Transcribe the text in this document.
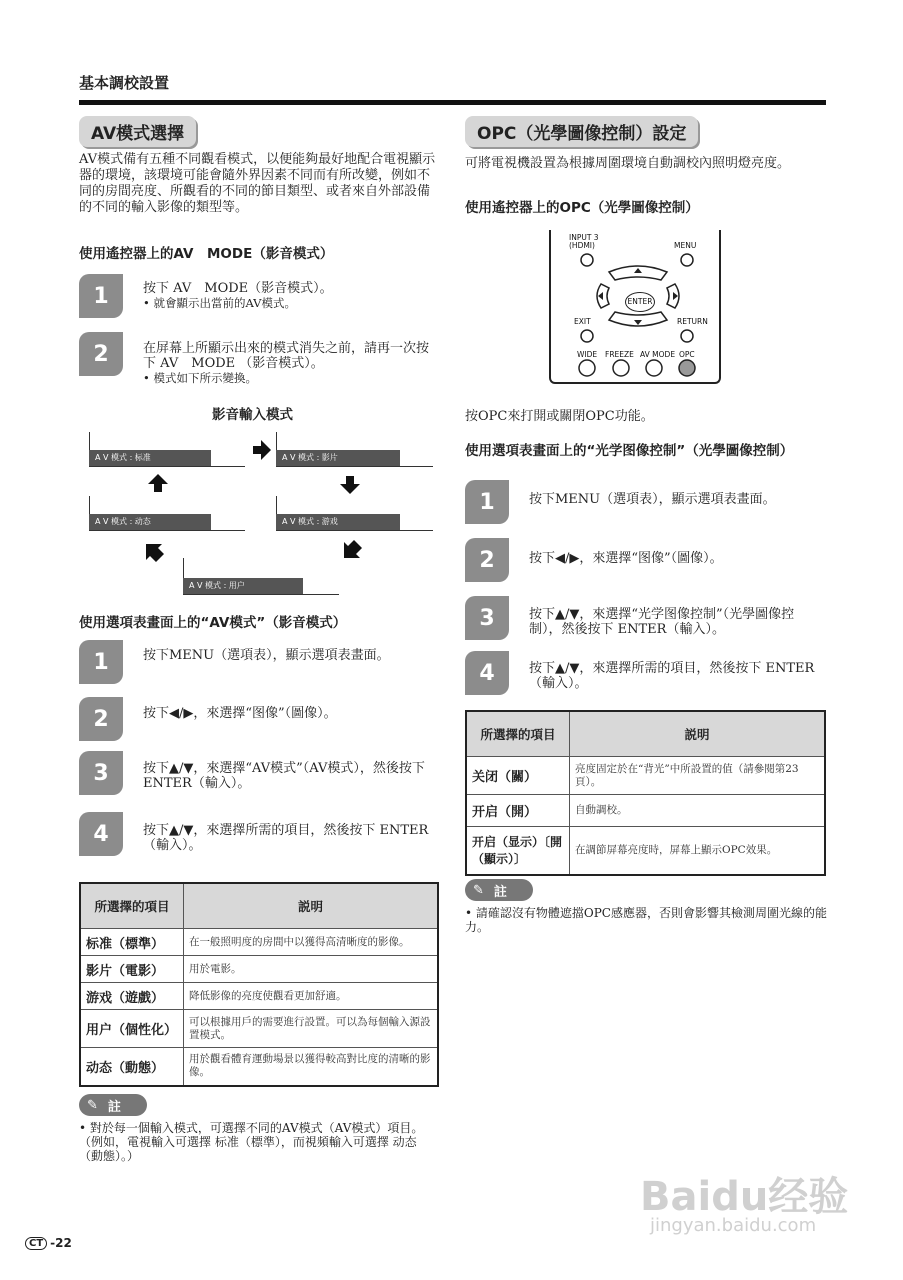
基本調校設置
AV模式選擇
AV模式備有五種不同觀看模式，以便能夠最好地配合電視顯示器的環境，該環境可能會隨外界因素不同而有所改變，例如不同的房間亮度、所觀看的不同的節目類型、或者來自外部設備的不同的輸入影像的類型等。
使用遙控器上的AV　MODE（影音模式）
1	按下 AV　MODE（影音模式）。
• 就會顯示出當前的AV模式。
2	在屏幕上所顯示出來的模式消失之前，請再一次按下 AV　MODE （影音模式）。
• 模式如下所示變換。
影音輸入模式
A V 模式 : 标准	A V 模式 : 影片
A V 模式 : 动态	A V 模式 : 游戏
A V 模式 : 用户
使用選項表畫面上的“AV模式”（影音模式）
1	按下MENU（選項表），顯示選項表畫面。
2	按下◀/▶，來選擇“图像”（圖像）。
3	按下▲/▼，來選擇“AV模式”（AV模式），然後按下 ENTER（輸入）。
4	按下▲/▼，來選擇所需的項目，然後按下 ENTER（輸入）。
所選擇的項目	説明
标准（標準）	在一般照明度的房間中以獲得高清晰度的影像。
影片（電影）	用於電影。
游戏（遊戲）	降低影像的亮度使觀看更加舒適。
用户（個性化）	可以根據用戶的需要進行設置。可以為每個輸入源設置模式。
动态（動態）	用於觀看體育運動場景以獲得較高對比度的清晰的影像。
✎ 註
• 對於每一個輸入模式，可選擇不同的AV模式（AV模式）項目。（例如，電視輸入可選擇 标准（標準），而視頻輸入可選擇 动态（動態）。）
OPC（光學圖像控制）設定
可將電視機設置為根據周圍環境自動調校內照明燈亮度。
使用遙控器上的OPC（光學圖像控制）
INPUT 3
(HDMI)	MENU
ENTER
EXIT	RETURN
WIDE FREEZE AV MODE OPC
按OPC來打開或關閉OPC功能。
使用選項表畫面上的“光学图像控制”（光學圖像控制）
1	按下MENU（選項表），顯示選項表畫面。
2	按下◀/▶，來選擇“图像”（圖像）。
3	按下▲/▼，來選擇“光学图像控制”（光學圖像控制），然後按下 ENTER（輸入）。
4	按下▲/▼，來選擇所需的項目，然後按下 ENTER（輸入）。
所選擇的項目	説明
关闭（關）	亮度固定於在“背光”中所設置的值（請參閱第23頁）。
开启（開）	自動調校。
开启（显示）〔開（顯示）〕	在調節屏幕亮度時，屏幕上顯示OPC效果。
✎ 註
• 請確認沒有物體遮擋OPC感應器，否則會影響其檢測周圍光線的能力。
Baidu经验
jingyan.baidu.com
CT -22
